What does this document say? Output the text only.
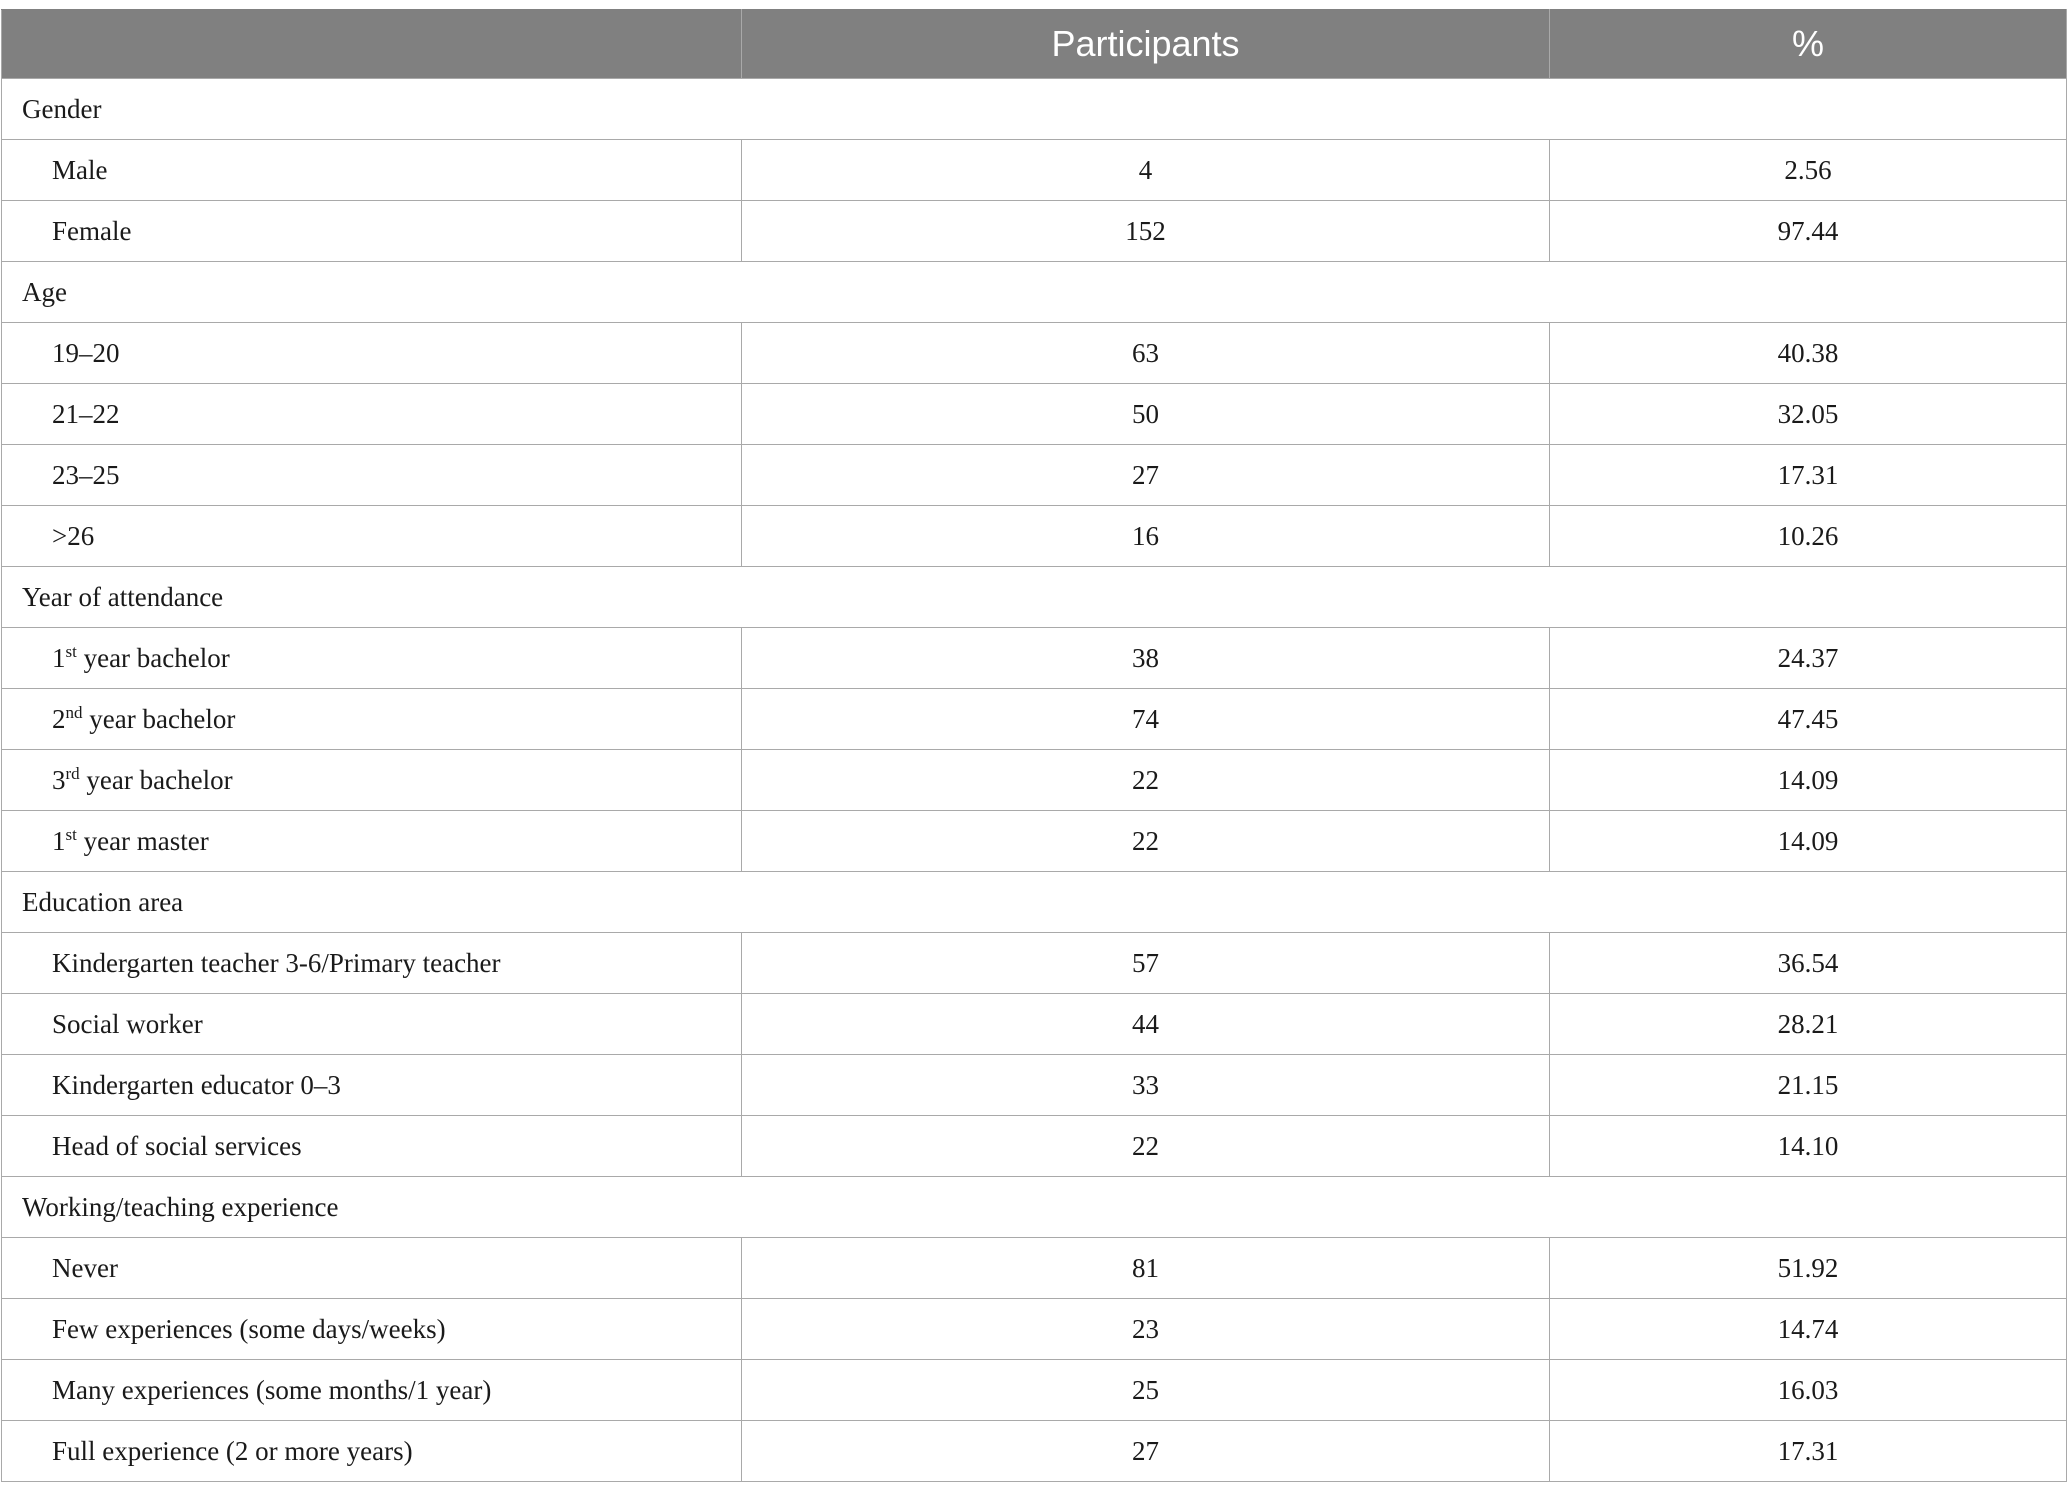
	Participants	%
Gender		
Male	4	2.56
Female	152	97.44
Age		
19–20	63	40.38
21–22	50	32.05
23–25	27	17.31
>26	16	10.26
Year of attendance		
1st year bachelor	38	24.37
2nd year bachelor	74	47.45
3rd year bachelor	22	14.09
1st year master	22	14.09
Education area		
Kindergarten teacher 3-6/Primary teacher	57	36.54
Social worker	44	28.21
Kindergarten educator 0–3	33	21.15
Head of social services	22	14.10
Working/teaching experience		
Never	81	51.92
Few experiences (some days/weeks)	23	14.74
Many experiences (some months/1 year)	25	16.03
Full experience (2 or more years)	27	17.31
